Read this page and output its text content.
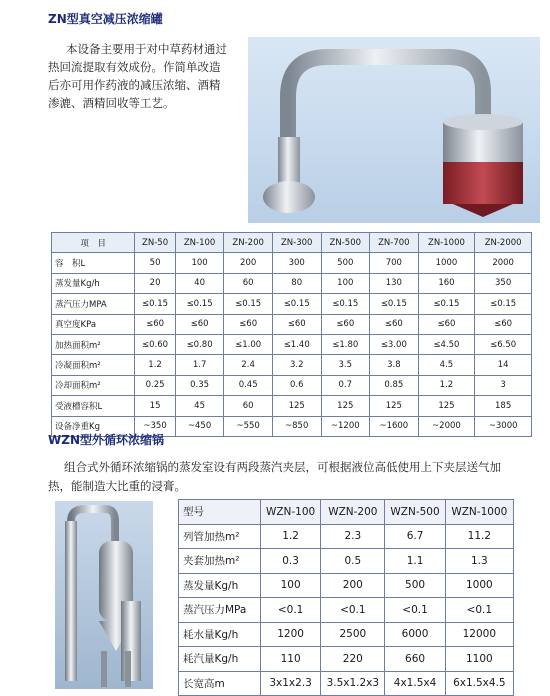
ZN型真空减压浓缩罐
本设备主要用于对中草药材通过
热回流提取有效成份。作简单改造
后亦可用作药液的减压浓缩、酒精
渗漉、酒精回收等工艺。
项　目	ZN-50	ZN-100	ZN-200	ZN-300	ZN-500	ZN-700	ZN-1000	ZN-2000
容　积L	50	100	200	300	500	700	1000	2000
蒸发量Kg/h	20	40	60	80	100	130	160	350
蒸汽压力MPA	≤0.15	≤0.15	≤0.15	≤0.15	≤0.15	≤0.15	≤0.15	≤0.15
真空度KPa	≤60	≤60	≤60	≤60	≤60	≤60	≤60	≤60
加热面积m²	≤0.60	≤0.80	≤1.00	≤1.40	≤1.80	≤3.00	≤4.50	≤6.50
冷凝面积m²	1.2	1.7	2.4	3.2	3.5	3.8	4.5	14
冷却面积m²	0.25	0.35	0.45	0.6	0.7	0.85	1.2	3
受液槽容积L	15	45	60	125	125	125	125	185
设备净重Kg	~350	~450	~550	~850	~1200	~1600	~2000	~3000
WZN型外循环浓缩锅
组合式外循环浓缩锅的蒸发室设有两段蒸汽夹层，可根据液位高低使用上下夹层送气加
热，能制造大比重的浸膏。
型号	WZN-100	WZN-200	WZN-500	WZN-1000
列管加热m²	1.2	2.3	6.7	11.2
夹套加热m²	0.3	0.5	1.1	1.3
蒸发量Kg/h	100	200	500	1000
蒸汽压力MPa	<0.1	<0.1	<0.1	<0.1
耗水量Kg/h	1200	2500	6000	12000
耗汽量Kg/h	110	220	660	1100
长宽高m	3x1x2.3	3.5x1.2x3	4x1.5x4	6x1.5x4.5
